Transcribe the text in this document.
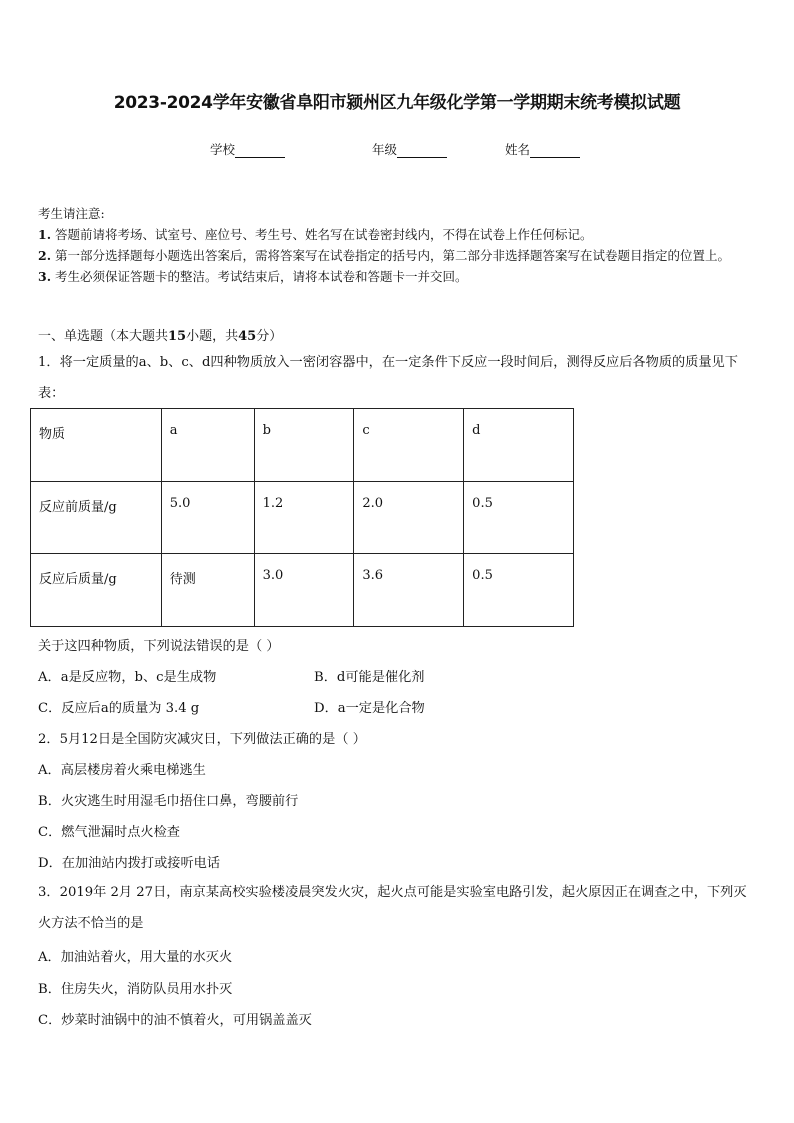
2023-2024学年安徽省阜阳市颍州区九年级化学第一学期期末统考模拟试题
学校	年级	姓名
考生请注意:
1. 答题前请将考场、试室号、座位号、考生号、姓名写在试卷密封线内，不得在试卷上作任何标记。
2. 第一部分选择题每小题选出答案后，需将答案写在试卷指定的括号内，第二部分非选择题答案写在试卷题目指定的位置上。
3. 考生必须保证答题卡的整洁。考试结束后，请将本试卷和答题卡一并交回。
一、单选题（本大题共15小题，共45分）
1．将一定质量的a、b、c、d四种物质放入一密闭容器中，在一定条件下反应一段时间后，测得反应后各物质的质量见下表：
物质	a	b	c	d
反应前质量/g	5.0	1.2	2.0	0.5
反应后质量/g	待测	3.0	3.6	0.5
关于这四种物质，下列说法错误的是（ ）
A．a是反应物，b、c是生成物	B．d可能是催化剂
C．反应后a的质量为 3.4 g	D．a一定是化合物
2．5月12日是全国防灾减灾日，下列做法正确的是（ ）
A．高层楼房着火乘电梯逃生
B．火灾逃生时用湿毛巾捂住口鼻，弯腰前行
C．燃气泄漏时点火检查
D．在加油站内拨打或接听电话
3．2019年 2月 27日，南京某高校实验楼凌晨突发火灾，起火点可能是实验室电路引发，起火原因正在调查之中，下列灭火方法不恰当的是
A．加油站着火，用大量的水灭火
B．住房失火，消防队员用水扑灭
C．炒菜时油锅中的油不慎着火，可用锅盖盖灭
